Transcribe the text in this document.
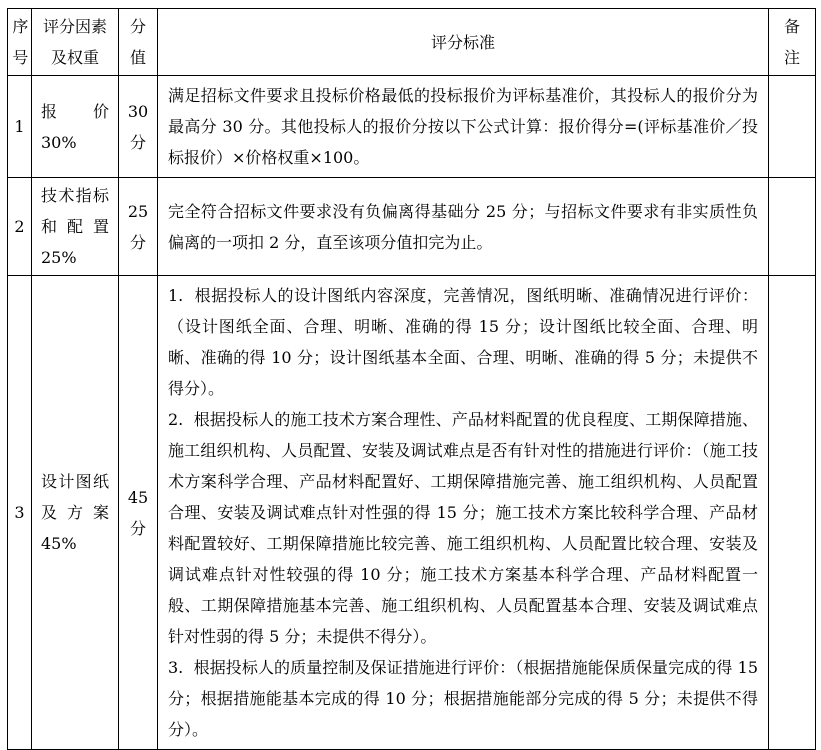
序号	评分因素及权重	分值	评分标准	备注
1	报价 30%	30 分	满足招标文件要求且投标价格最低的投标报价为评标基准价，其投标人的报价分为最高分 30 分。其他投标人的报价分按以下公式计算：报价得分=(评标基准价／投标报价）×价格权重×100。	

2	技术指标和配置 25%	25 分	完全符合招标文件要求没有负偏离得基础分 25 分；与招标文件要求有非实质性负偏离的一项扣 2 分，直至该项分值扣完为止。	

3	设计图纸及方案 45%	45 分	1.  根据投标人的设计图纸内容深度，完善情况，图纸明晰、准确情况进行评价：（设计图纸全面、合理、明晰、准确的得 15 分；设计图纸比较全面、合理、明晰、准确的得 10 分；设计图纸基本全面、合理、明晰、准确的得 5 分；未提供不得分）。

2.  根据投标人的施工技术方案合理性、产品材料配置的优良程度、工期保障措施、施工组织机构、人员配置、安装及调试难点是否有针对性的措施进行评价：（施工技术方案科学合理、产品材料配置好、工期保障措施完善、施工组织机构、人员配置合理、安装及调试难点针对性强的得 15 分；施工技术方案比较科学合理、产品材料配置较好、工期保障措施比较完善、施工组织机构、人员配置比较合理、安装及调试难点针对性较强的得 10 分；施工技术方案基本科学合理、产品材料配置一般、工期保障措施基本完善、施工组织机构、人员配置基本合理、安装及调试难点针对性弱的得 5 分；未提供不得分）。

3.  根据投标人的质量控制及保证措施进行评价：（根据措施能保质保量完成的得 15 分；根据措施能基本完成的得 10 分；根据措施能部分完成的得 5 分；未提供不得分）。	
